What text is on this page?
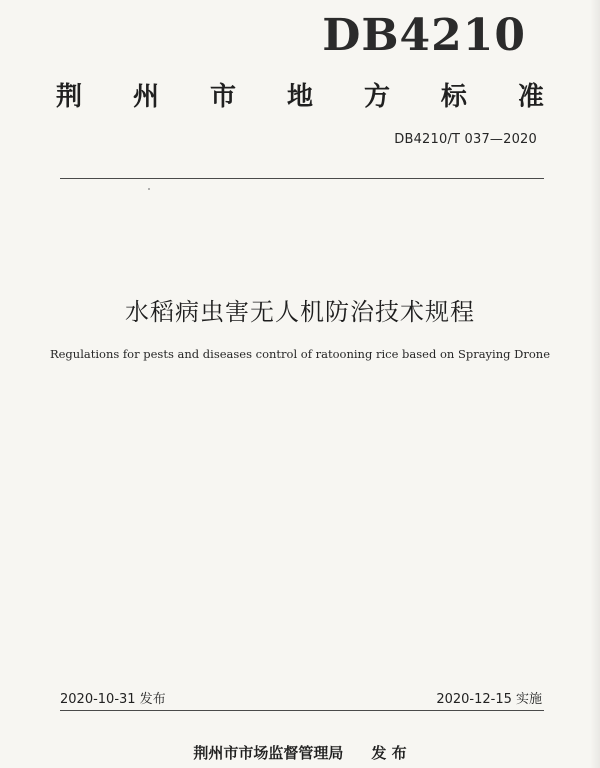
DB4210
荆 州 市 地 方 标 准
DB4210/T 037—2020
水稻病虫害无人机防治技术规程
Regulations for pests and diseases control of ratooning rice based on Spraying Drone
2020-10-31 发布	2020-12-15 实施
荆州市市场监督管理局 发 布
